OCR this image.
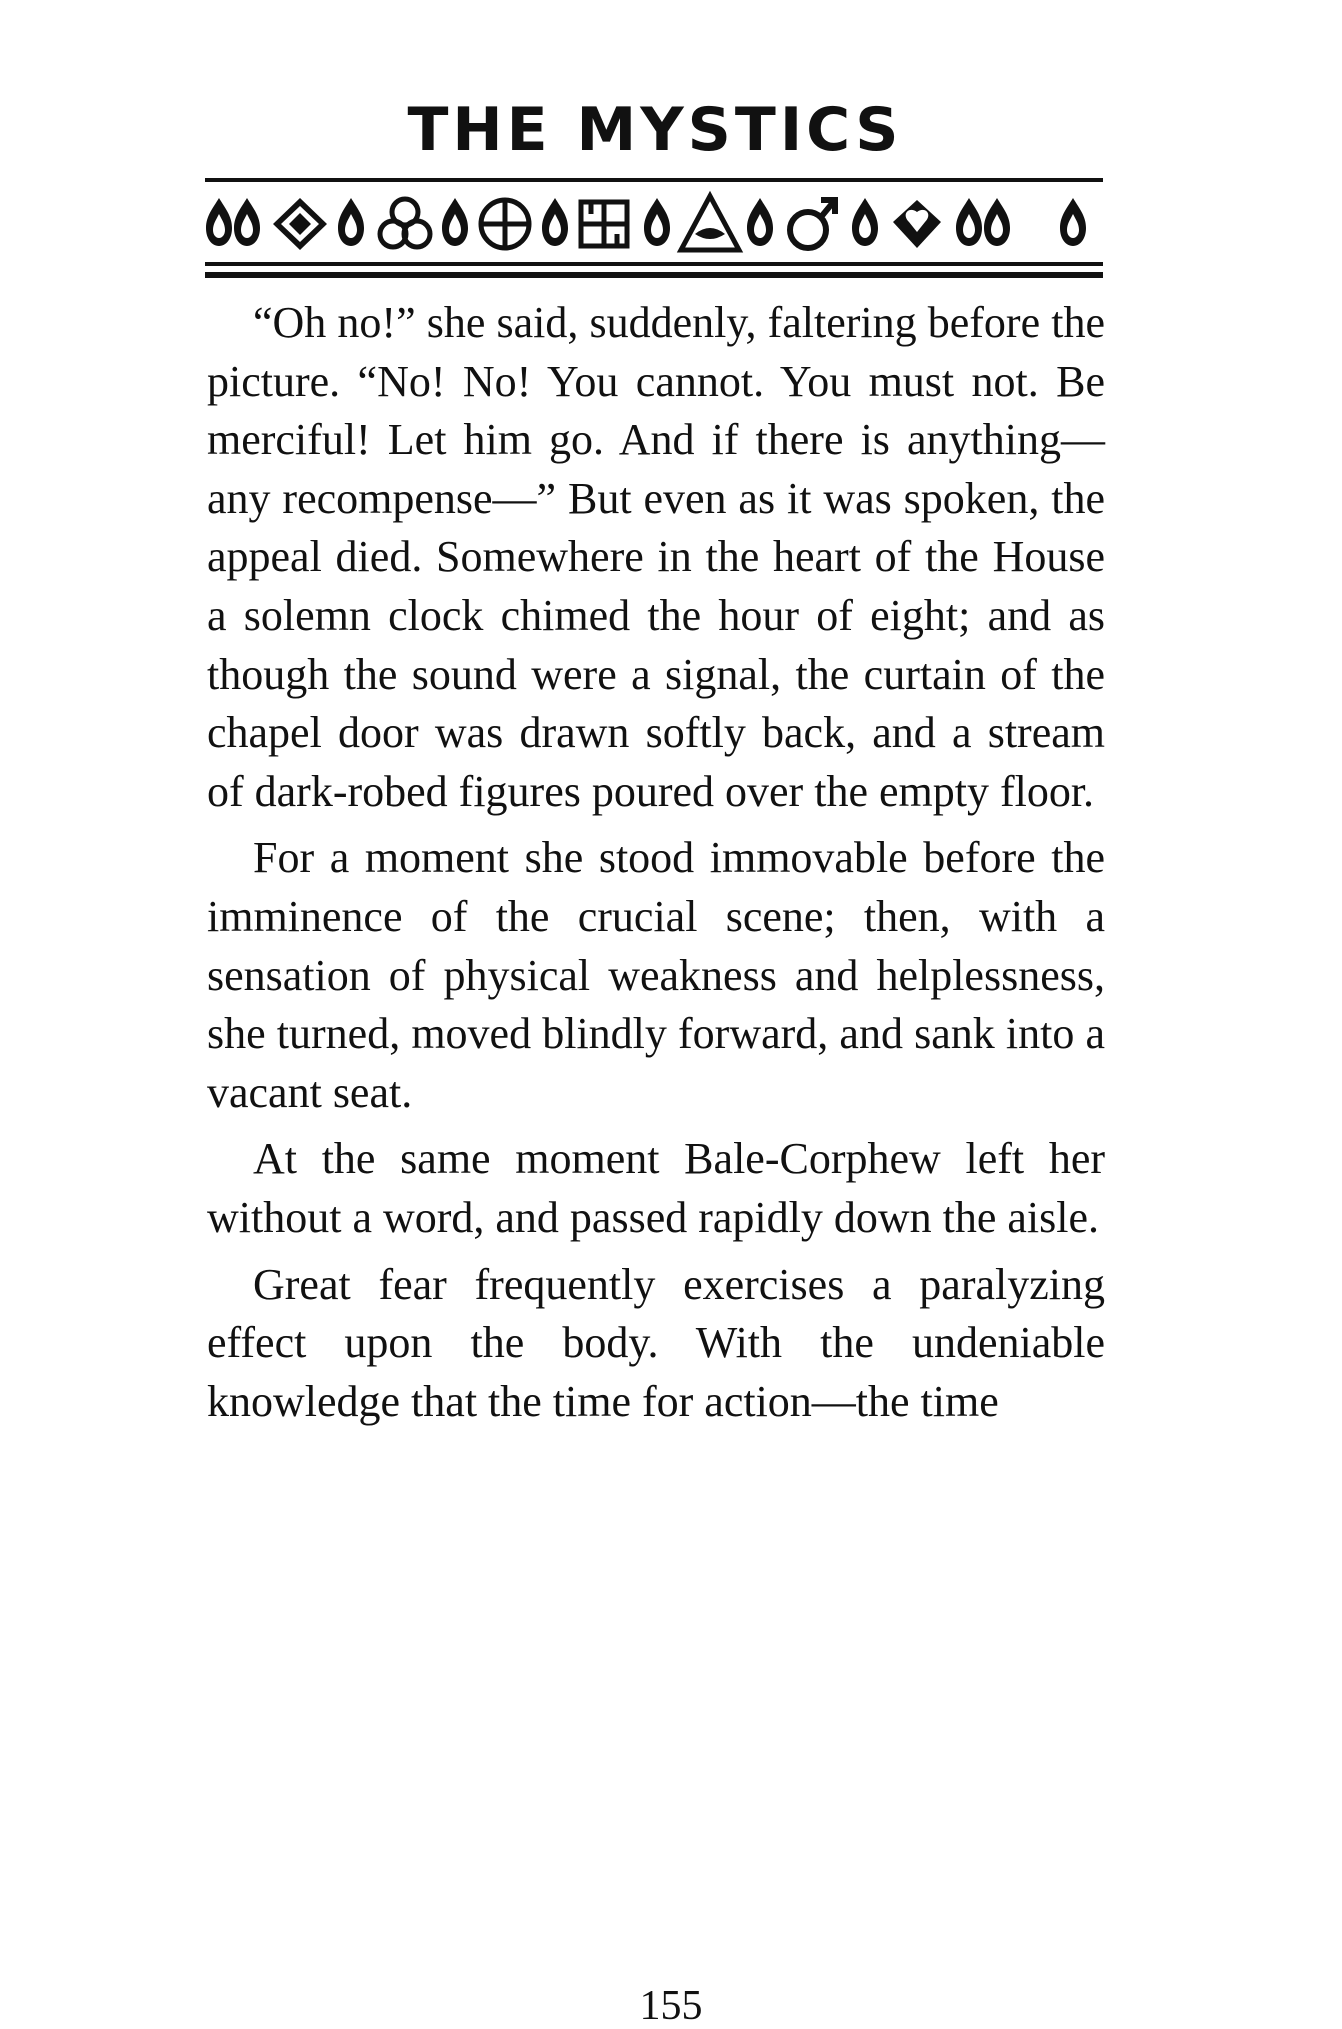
THE MYSTICS

“Oh no!” she said, suddenly, faltering before the picture. “No! No! You cannot. You must not. Be merciful! Let him go. And if there is anything—any recompense—” But even as it was spoken, the appeal died. Somewhere in the heart of the House a solemn clock chimed the hour of eight; and as though the sound were a signal, the curtain of the chapel door was drawn softly back, and a stream of dark-robed figures poured over the empty floor.

For a moment she stood immovable before the imminence of the crucial scene; then, with a sensation of physical weakness and helplessness, she turned, moved blindly forward, and sank into a vacant seat.

At the same moment Bale-Corphew left her without a word, and passed rapidly down the aisle.

Great fear frequently exercises a paralyzing effect upon the body. With the undeniable knowledge that the time for action—the time

155
